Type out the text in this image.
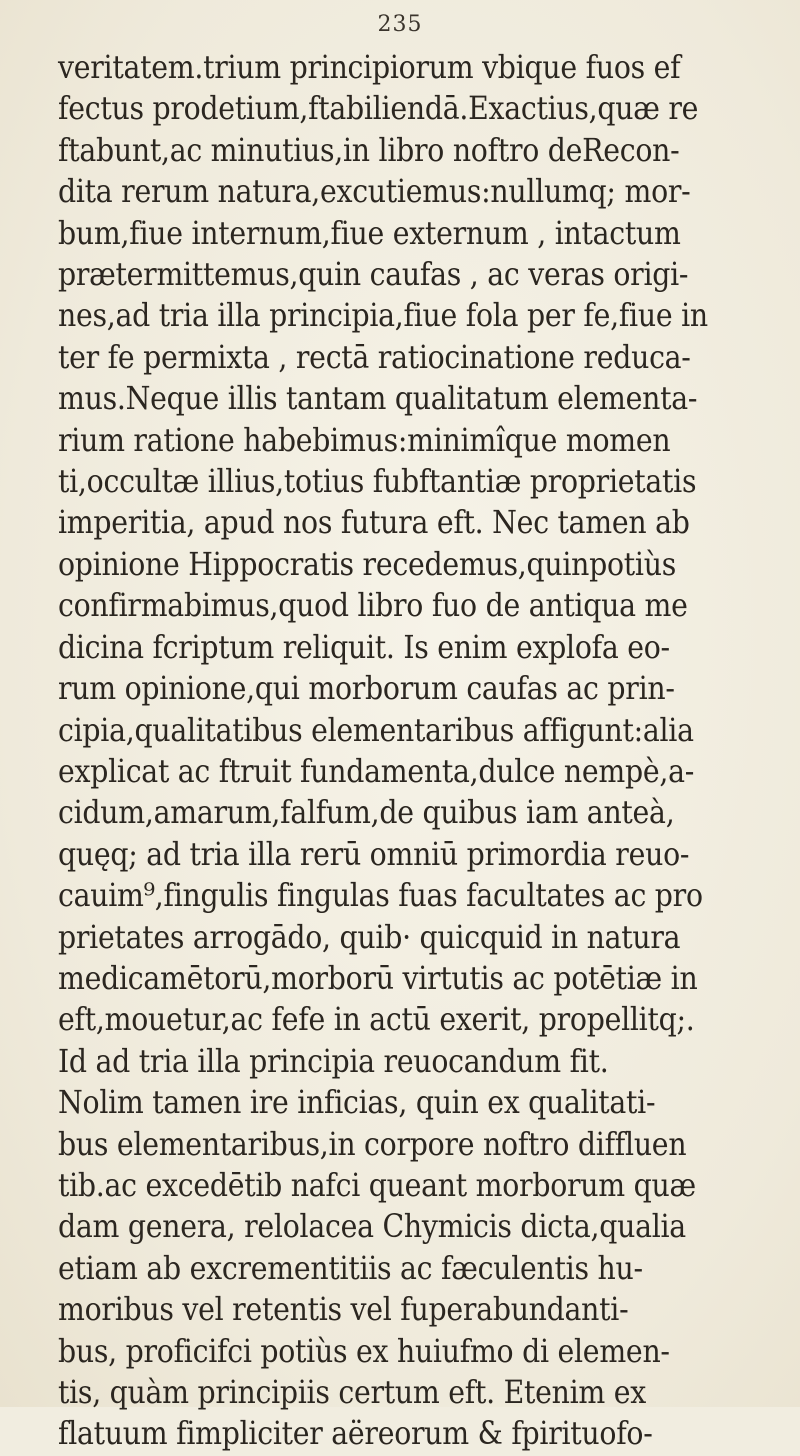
235
veritatem.trium principiorum vbique fuos ef
fectus prodetium,ftabiliendā.Exactius,quæ re
ftabunt,ac minutius,in libro noftro deRecon-
dita rerum natura,excutiemus:nullumq; mor-
bum,fiue internum,fiue externum , intactum
prætermittemus,quin caufas , ac veras origi-
nes,ad tria illa principia,fiue fola per fe,fiue in
ter fe permixta , rectā ratiocinatione reduca-
mus.Neque illis tantam qualitatum elementa-
rium ratione habebimus:minimîque momen
ti,occultæ illius,totius fubftantiæ proprietatis
imperitia, apud nos futura eft. Nec tamen ab
opinione Hippocratis recedemus,quinpotiùs
confirmabimus,quod libro fuo de antiqua me
dicina fcriptum reliquit. Is enim explofa eo-
rum opinione,qui morborum caufas ac prin-
cipia,qualitatibus elementaribus affigunt:alia
explicat ac ftruit fundamenta,dulce nempè,a-
cidum,amarum,falfum,de quibus iam anteà,
quęq; ad tria illa rerū omniū primordia reuo-
cauim⁹,fingulis fingulas fuas facultates ac pro
prietates arrogādo, quib· quicquid in natura
medicamētorū,morborū virtutis ac potētiæ in
eft,mouetur,ac fefe in actū exerit, propellitq;.
Id ad tria illa principia reuocandum fit.
Nolim tamen ire inficias, quin ex qualitati-
bus elementaribus,in corpore noftro diffluen
tib.ac excedētib nafci queant morborum quæ
dam genera, relolacea Chymicis dicta,qualia
etiam ab excrementitiis ac fæculentis hu-
moribus vel retentis vel fuperabundanti-
bus, proficifci potiùs ex huiufmo di elemen-
tis, quàm principiis certum eft. Etenim ex
flatuum fimpliciter aëreorum & fpirituofo-
